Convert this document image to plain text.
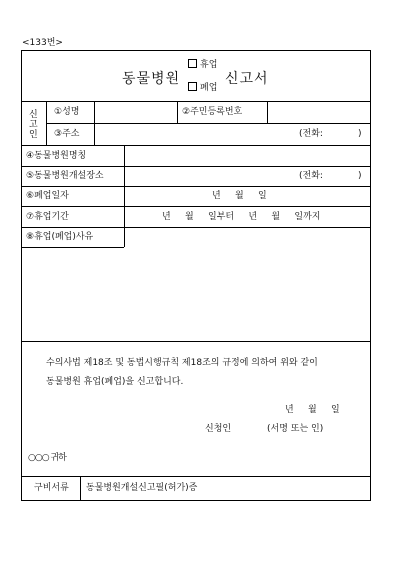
<133번>
동물병원
휴업
폐업
신고서
신
고
인
①성명	②주민등록번호
③주소	(전화:	)
④동물병원명칭
⑤동물병원개설장소	(전화:	)
⑥폐업일자	년     월     일
⑦휴업기간	년     월     일부터     년     월     일까지
⑧휴업(폐업)사유
수의사법 제18조 및 동법시행규칙 제18조의 규정에 의하여 위와 같이
동물병원 휴업(폐업)을 신고합니다.
년     월     일
신청인	(서명 또는 인)
○○○ 귀하
구비서류 동물병원개설신고필(허가)증
